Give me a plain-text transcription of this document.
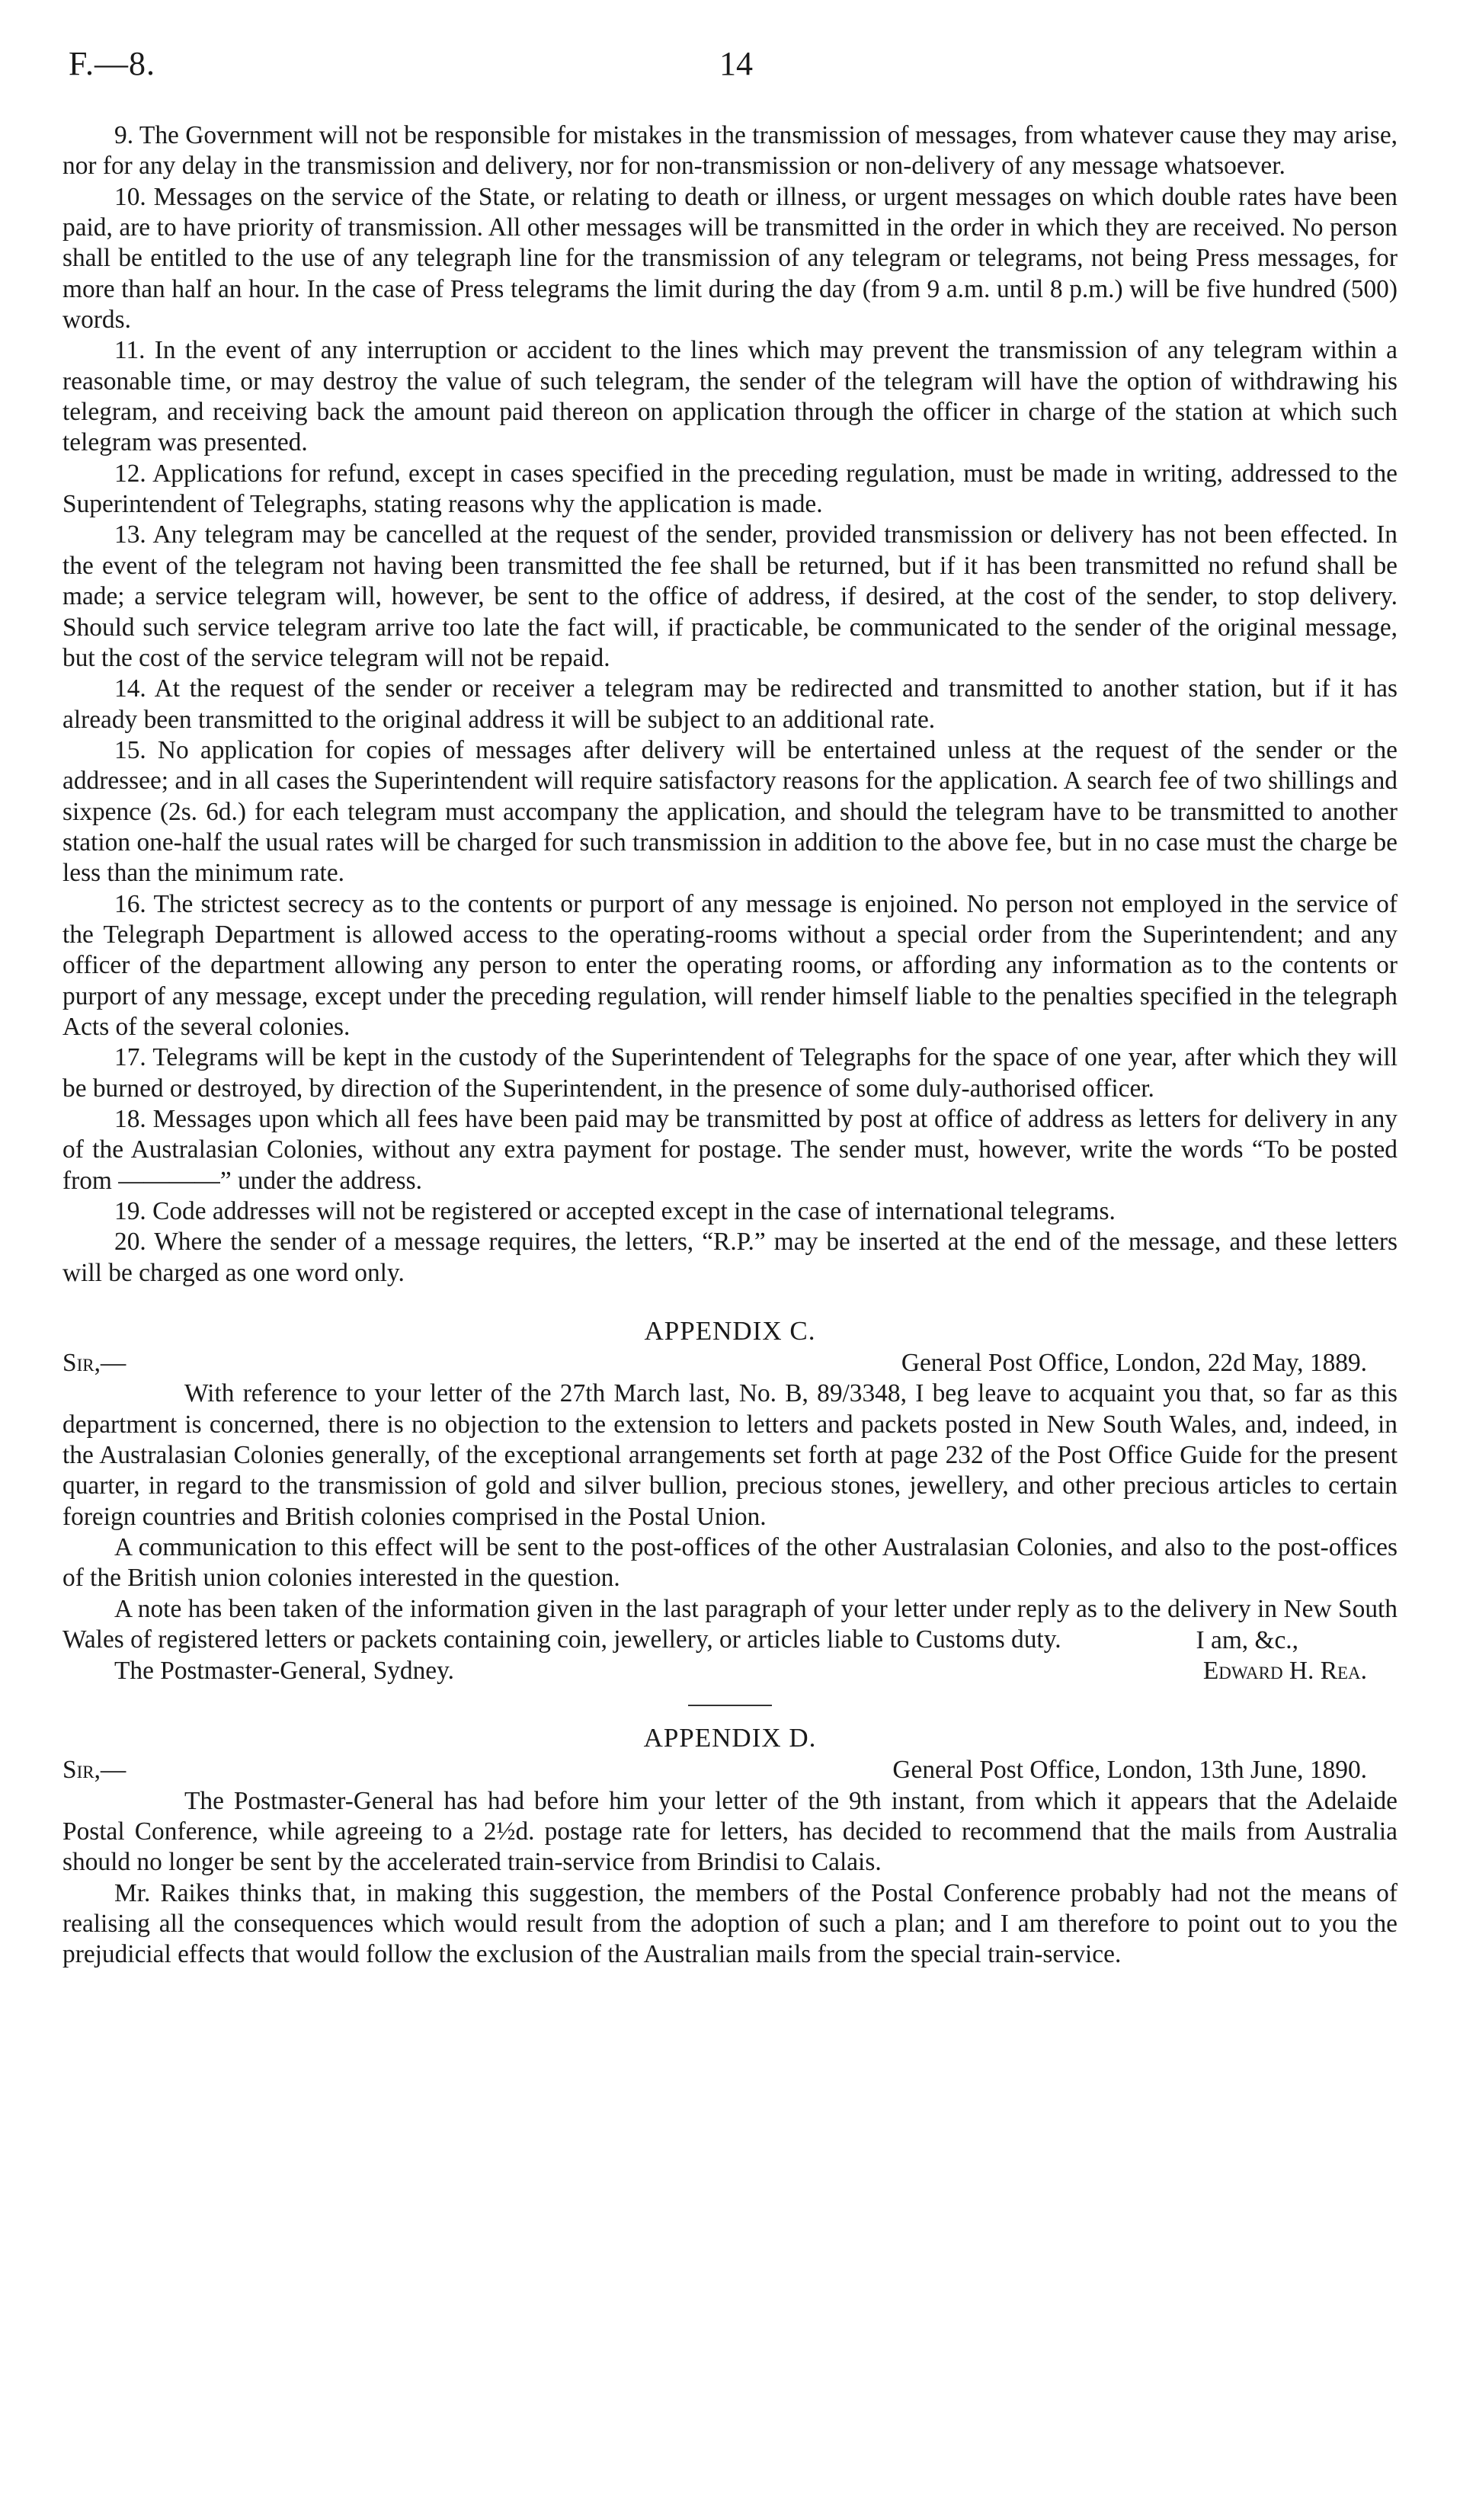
F.—8.	14

9. The Government will not be responsible for mistakes in the transmission of messages, from whatever cause they may arise, nor for any delay in the transmission and delivery, nor for non-transmission or non-delivery of any message whatsoever.

10. Messages on the service of the State, or relating to death or illness, or urgent messages on which double rates have been paid, are to have priority of transmission. All other messages will be transmitted in the order in which they are received. No person shall be entitled to the use of any telegraph line for the transmission of any telegram or telegrams, not being Press messages, for more than half an hour. In the case of Press telegrams the limit during the day (from 9 a.m. until 8 p.m.) will be five hundred (500) words.

11. In the event of any interruption or accident to the lines which may prevent the transmission of any telegram within a reasonable time, or may destroy the value of such telegram, the sender of the telegram will have the option of withdrawing his telegram, and receiving back the amount paid thereon on application through the officer in charge of the station at which such telegram was presented.

12. Applications for refund, except in cases specified in the preceding regulation, must be made in writing, addressed to the Superintendent of Telegraphs, stating reasons why the application is made.

13. Any telegram may be cancelled at the request of the sender, provided transmission or delivery has not been effected. In the event of the telegram not having been transmitted the fee shall be returned, but if it has been transmitted no refund shall be made; a service telegram will, however, be sent to the office of address, if desired, at the cost of the sender, to stop delivery. Should such service telegram arrive too late the fact will, if practicable, be communicated to the sender of the original message, but the cost of the service telegram will not be repaid.

14. At the request of the sender or receiver a telegram may be redirected and transmitted to another station, but if it has already been transmitted to the original address it will be subject to an additional rate.

15. No application for copies of messages after delivery will be entertained unless at the request of the sender or the addressee; and in all cases the Superintendent will require satisfactory reasons for the application. A search fee of two shillings and sixpence (2s. 6d.) for each telegram must accompany the application, and should the telegram have to be transmitted to another station one-half the usual rates will be charged for such transmission in addition to the above fee, but in no case must the charge be less than the minimum rate.

16. The strictest secrecy as to the contents or purport of any message is enjoined. No person not employed in the service of the Telegraph Department is allowed access to the operating-rooms without a special order from the Superintendent; and any officer of the department allowing any person to enter the operating rooms, or affording any information as to the contents or purport of any message, except under the preceding regulation, will render himself liable to the penalties specified in the telegraph Acts of the several colonies.

17. Telegrams will be kept in the custody of the Superintendent of Telegraphs for the space of one year, after which they will be burned or destroyed, by direction of the Superintendent, in the presence of some duly-authorised officer.

18. Messages upon which all fees have been paid may be transmitted by post at office of address as letters for delivery in any of the Australasian Colonies, without any extra payment for postage. The sender must, however, write the words “To be posted from ————” under the address.

19. Code addresses will not be registered or accepted except in the case of international telegrams.

20. Where the sender of a message requires, the letters, “R.P.” may be inserted at the end of the message, and these letters will be charged as one word only.

APPENDIX C.

Sir,—	General Post Office, London, 22d May, 1889.

With reference to your letter of the 27th March last, No. B, 89/3348, I beg leave to acquaint you that, so far as this department is concerned, there is no objection to the extension to letters and packets posted in New South Wales, and, indeed, in the Australasian Colonies generally, of the exceptional arrangements set forth at page 232 of the Post Office Guide for the present quarter, in regard to the transmission of gold and silver bullion, precious stones, jewellery, and other precious articles to certain foreign countries and British colonies comprised in the Postal Union.

A communication to this effect will be sent to the post-offices of the other Australasian Colonies, and also to the post-offices of the British union colonies interested in the question.

A note has been taken of the information given in the last paragraph of your letter under reply as to the delivery in New South Wales of registered letters or packets containing coin, jewellery, or articles liable to Customs duty.	I am, &c.,
The Postmaster-General, Sydney.	Edward H. Rea.

APPENDIX D.

Sir,—	General Post Office, London, 13th June, 1890.

The Postmaster-General has had before him your letter of the 9th instant, from which it appears that the Adelaide Postal Conference, while agreeing to a 2½d. postage rate for letters, has decided to recommend that the mails from Australia should no longer be sent by the accelerated train-service from Brindisi to Calais.

Mr. Raikes thinks that, in making this suggestion, the members of the Postal Conference probably had not the means of realising all the consequences which would result from the adoption of such a plan; and I am therefore to point out to you the prejudicial effects that would follow the exclusion of the Australian mails from the special train-service.
